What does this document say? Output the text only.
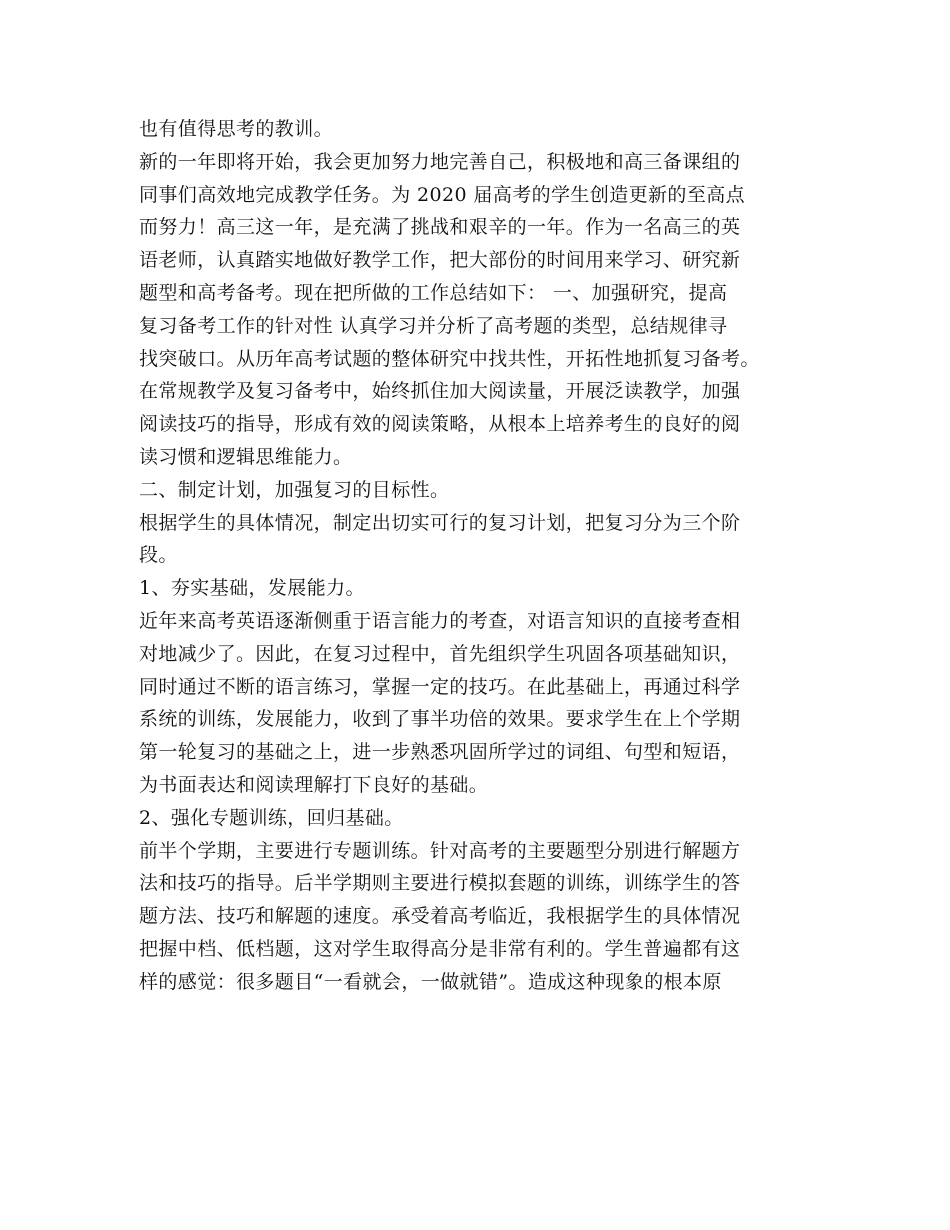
也有值得思考的教训。
新的一年即将开始，我会更加努力地完善自己，积极地和高三备课组的
同事们高效地完成教学任务。为 2020 届高考的学生创造更新的至高点
而努力！高三这一年，是充满了挑战和艰辛的一年。作为一名高三的英
语老师，认真踏实地做好教学工作，把大部份的时间用来学习、研究新
题型和高考备考。现在把所做的工作总结如下： 一、加强研究，提高
复习备考工作的针对性 认真学习并分析了高考题的类型，总结规律寻
找突破口。从历年高考试题的整体研究中找共性，开拓性地抓复习备考。
在常规教学及复习备考中，始终抓住加大阅读量，开展泛读教学，加强
阅读技巧的指导，形成有效的阅读策略，从根本上培养考生的良好的阅
读习惯和逻辑思维能力。
二、制定计划，加强复习的目标性。
根据学生的具体情况，制定出切实可行的复习计划，把复习分为三个阶
段。
1、夯实基础，发展能力。
近年来高考英语逐渐侧重于语言能力的考查，对语言知识的直接考查相
对地减少了。因此，在复习过程中，首先组织学生巩固各项基础知识，
同时通过不断的语言练习，掌握一定的技巧。在此基础上，再通过科学
系统的训练，发展能力，收到了事半功倍的效果。要求学生在上个学期
第一轮复习的基础之上，进一步熟悉巩固所学过的词组、句型和短语，
为书面表达和阅读理解打下良好的基础。
2、强化专题训练，回归基础。
前半个学期，主要进行专题训练。针对高考的主要题型分别进行解题方
法和技巧的指导。后半学期则主要进行模拟套题的训练，训练学生的答
题方法、技巧和解题的速度。承受着高考临近，我根据学生的具体情况
把握中档、低档题，这对学生取得高分是非常有利的。学生普遍都有这
样的感觉：很多题目“一看就会，一做就错”。造成这种现象的根本原
